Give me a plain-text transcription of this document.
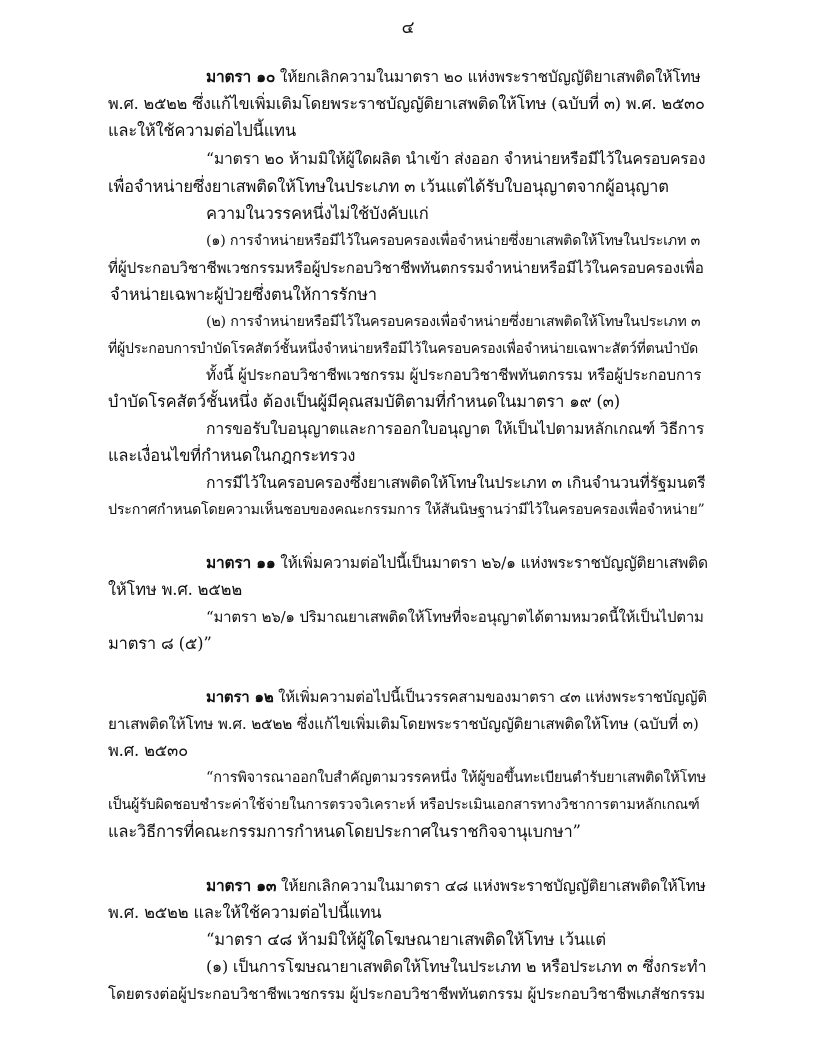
๔
มาตรา ๑๐ ให้ยกเลิกความในมาตรา ๒๐ แห่งพระราชบัญญัติยาเสพติดให้โทษ
พ.ศ. ๒๕๒๒ ซึ่งแก้ไขเพิ่มเติมโดยพระราชบัญญัติยาเสพติดให้โทษ (ฉบับที่ ๓) พ.ศ. ๒๕๓๐
และให้ใช้ความต่อไปนี้แทน
“มาตรา ๒๐ ห้ามมิให้ผู้ใดผลิต นำเข้า ส่งออก จำหน่ายหรือมีไว้ในครอบครอง
เพื่อจำหน่ายซึ่งยาเสพติดให้โทษในประเภท ๓ เว้นแต่ได้รับใบอนุญาตจากผู้อนุญาต
ความในวรรคหนึ่งไม่ใช้บังคับแก่
(๑) การจำหน่ายหรือมีไว้ในครอบครองเพื่อจำหน่ายซึ่งยาเสพติดให้โทษในประเภท ๓
ที่ผู้ประกอบวิชาชีพเวชกรรมหรือผู้ประกอบวิชาชีพทันตกรรมจำหน่ายหรือมีไว้ในครอบครองเพื่อ
จำหน่ายเฉพาะผู้ป่วยซึ่งตนให้การรักษา
(๒) การจำหน่ายหรือมีไว้ในครอบครองเพื่อจำหน่ายซึ่งยาเสพติดให้โทษในประเภท ๓
ที่ผู้ประกอบการบำบัดโรคสัตว์ชั้นหนึ่งจำหน่ายหรือมีไว้ในครอบครองเพื่อจำหน่ายเฉพาะสัตว์ที่ตนบำบัด
ทั้งนี้ ผู้ประกอบวิชาชีพเวชกรรม ผู้ประกอบวิชาชีพทันตกรรม หรือผู้ประกอบการ
บำบัดโรคสัตว์ชั้นหนึ่ง ต้องเป็นผู้มีคุณสมบัติตามที่กำหนดในมาตรา ๑๙ (๓)
การขอรับใบอนุญาตและการออกใบอนุญาต ให้เป็นไปตามหลักเกณฑ์ วิธีการ
และเงื่อนไขที่กำหนดในกฎกระทรวง
การมีไว้ในครอบครองซึ่งยาเสพติดให้โทษในประเภท ๓ เกินจำนวนที่รัฐมนตรี
ประกาศกำหนดโดยความเห็นชอบของคณะกรรมการ ให้สันนิษฐานว่ามีไว้ในครอบครองเพื่อจำหน่าย”
มาตรา ๑๑ ให้เพิ่มความต่อไปนี้เป็นมาตรา ๒๖/๑ แห่งพระราชบัญญัติยาเสพติด
ให้โทษ พ.ศ. ๒๕๒๒
“มาตรา ๒๖/๑ ปริมาณยาเสพติดให้โทษที่จะอนุญาตได้ตามหมวดนี้ให้เป็นไปตาม
มาตรา ๘ (๕)”
มาตรา ๑๒ ให้เพิ่มความต่อไปนี้เป็นวรรคสามของมาตรา ๔๓ แห่งพระราชบัญญัติ
ยาเสพติดให้โทษ พ.ศ. ๒๕๒๒ ซึ่งแก้ไขเพิ่มเติมโดยพระราชบัญญัติยาเสพติดให้โทษ (ฉบับที่ ๓)
พ.ศ. ๒๕๓๐
“การพิจารณาออกใบสำคัญตามวรรคหนึ่ง ให้ผู้ขอขึ้นทะเบียนตำรับยาเสพติดให้โทษ
เป็นผู้รับผิดชอบชำระค่าใช้จ่ายในการตรวจวิเคราะห์ หรือประเมินเอกสารทางวิชาการตามหลักเกณฑ์
และวิธีการที่คณะกรรมการกำหนดโดยประกาศในราชกิจจานุเบกษา”
มาตรา ๑๓ ให้ยกเลิกความในมาตรา ๔๘ แห่งพระราชบัญญัติยาเสพติดให้โทษ
พ.ศ. ๒๕๒๒ และให้ใช้ความต่อไปนี้แทน
“มาตรา ๔๘ ห้ามมิให้ผู้ใดโฆษณายาเสพติดให้โทษ เว้นแต่
(๑) เป็นการโฆษณายาเสพติดให้โทษในประเภท ๒ หรือประเภท ๓ ซึ่งกระทำ
โดยตรงต่อผู้ประกอบวิชาชีพเวชกรรม ผู้ประกอบวิชาชีพทันตกรรม ผู้ประกอบวิชาชีพเภสัชกรรม
